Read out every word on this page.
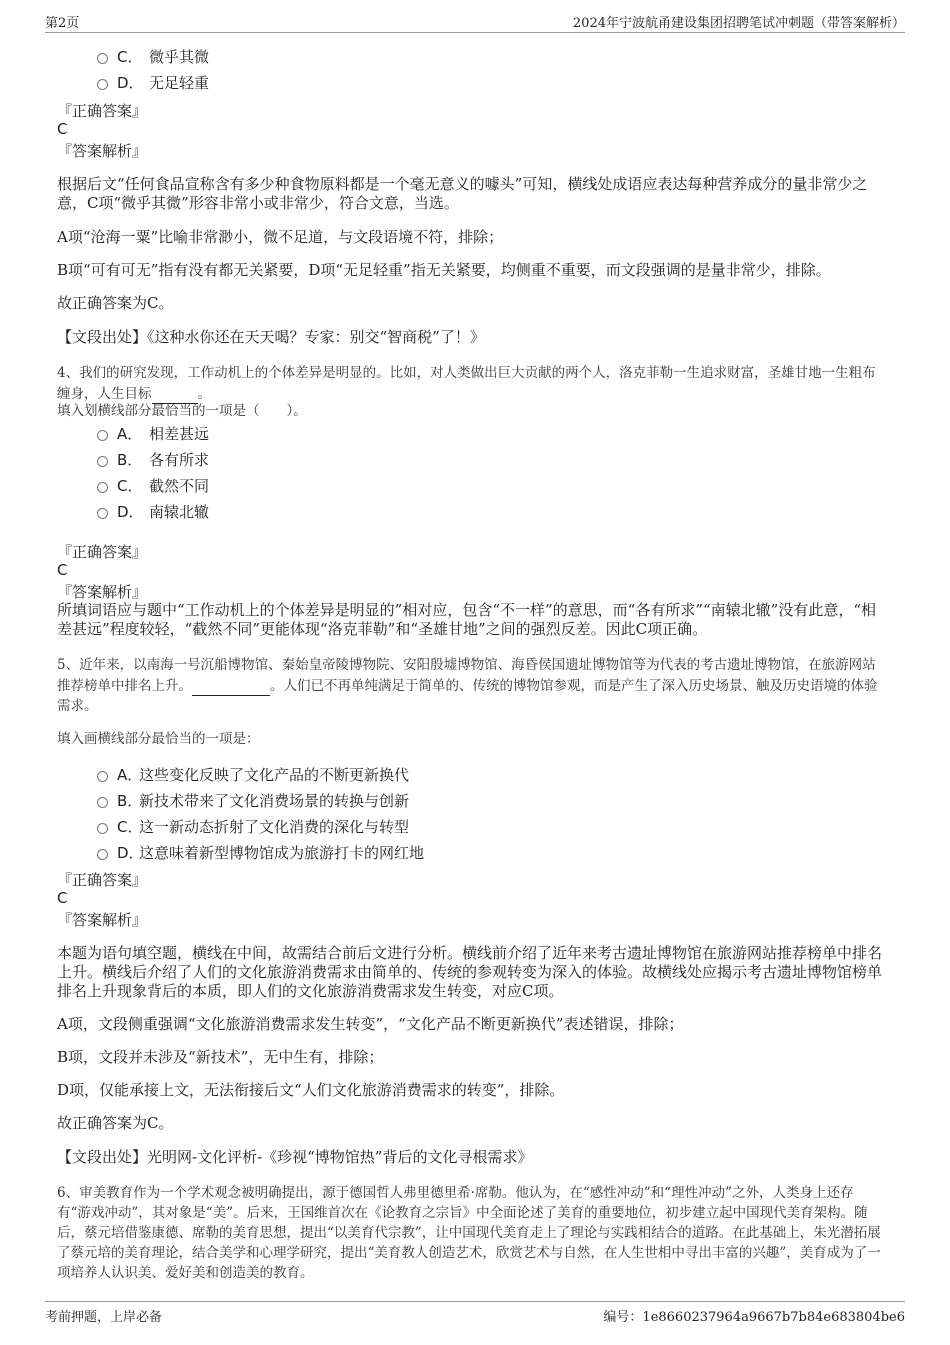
第2页	2024年宁波航甬建设集团招聘笔试冲刺题（带答案解析）
C． 微乎其微
D． 无足轻重
『正确答案』
C
『答案解析』
根据后文“任何食品宣称含有多少种食物原料都是一个毫无意义的噱头”可知，横线处成语应表达每种营养成分的量非常少之意，C项“微乎其微”形容非常小或非常少，符合文意，当选。
A项“沧海一粟”比喻非常渺小，微不足道，与文段语境不符，排除；
B项“可有可无”指有没有都无关紧要，D项“无足轻重”指无关紧要，均侧重不重要，而文段强调的是量非常少，排除。
故正确答案为C。
【文段出处】《这种水你还在天天喝？专家：别交“智商税”了！》
4、我们的研究发现，工作动机上的个体差异是明显的。比如，对人类做出巨大贡献的两个人，洛克菲勒一生追求财富，圣雄甘地一生粗布缠身，人生目标	。
填入划横线部分最恰当的一项是（　　）。
A． 相差甚远
B． 各有所求
C． 截然不同
D． 南辕北辙
『正确答案』
C
『答案解析』
所填词语应与题中“工作动机上的个体差异是明显的”相对应，包含“不一样”的意思，而“各有所求”“南辕北辙”没有此意，“相差甚远”程度较轻，“截然不同”更能体现“洛克菲勒”和“圣雄甘地”之间的强烈反差。因此C项正确。
5、近年来，以南海一号沉船博物馆、秦始皇帝陵博物院、安阳殷墟博物馆、海昏侯国遗址博物馆等为代表的考古遗址博物馆，在旅游网站推荐榜单中排名上升。	。人们已不再单纯满足于简单的、传统的博物馆参观，而是产生了深入历史场景、触及历史语境的体验需求。
填入画横线部分最恰当的一项是：
A．这些变化反映了文化产品的不断更新换代
B．新技术带来了文化消费场景的转换与创新
C．这一新动态折射了文化消费的深化与转型
D．这意味着新型博物馆成为旅游打卡的网红地
『正确答案』
C
『答案解析』
本题为语句填空题，横线在中间，故需结合前后文进行分析。横线前介绍了近年来考古遗址博物馆在旅游网站推荐榜单中排名上升。横线后介绍了人们的文化旅游消费需求由简单的、传统的参观转变为深入的体验。故横线处应揭示考古遗址博物馆榜单排名上升现象背后的本质，即人们的文化旅游消费需求发生转变，对应C项。
A项，文段侧重强调“文化旅游消费需求发生转变”，“文化产品不断更新换代”表述错误，排除；
B项，文段并未涉及“新技术”，无中生有，排除；
D项，仅能承接上文，无法衔接后文“人们文化旅游消费需求的转变”，排除。
故正确答案为C。
【文段出处】光明网-文化评析-《珍视“博物馆热”背后的文化寻根需求》
6、审美教育作为一个学术观念被明确提出，源于德国哲人弗里德里希·席勒。他认为，在“感性冲动”和“理性冲动”之外，人类身上还存有“游戏冲动”，其对象是“美”。后来，王国维首次在《论教育之宗旨》中全面论述了美育的重要地位，初步建立起中国现代美育架构。随后，蔡元培借鉴康德、席勒的美育思想，提出“以美育代宗教”，让中国现代美育走上了理论与实践相结合的道路。在此基础上，朱光潜拓展了蔡元培的美育理论，结合美学和心理学研究，提出“美育教人创造艺术，欣赏艺术与自然，在人生世相中寻出丰富的兴趣”，美育成为了一项培养人认识美、爱好美和创造美的教育。
考前押题，上岸必备	编号：1e8660237964a9667b7b84e683804be6
